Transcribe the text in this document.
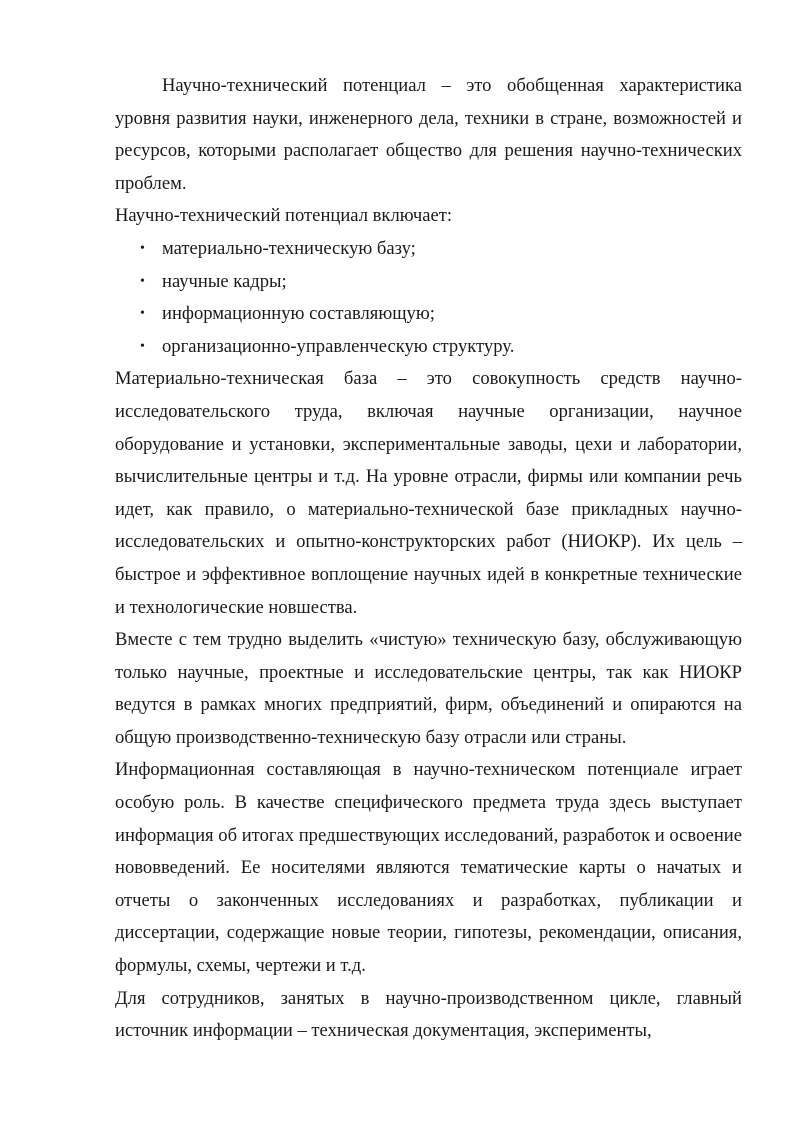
Научно-технический потенциал – это обобщенная характеристика уровня развития науки, инженерного дела, техники в стране, возможностей и ресурсов, которыми располагает общество для решения научно-технических проблем.

Научно-технический потенциал включает:

• материально-техническую базу;
• научные кадры;
• информационную составляющую;
• организационно-управленческую структуру.

Материально-техническая база – это совокупность средств научно-исследовательского труда, включая научные организации, научное оборудование и установки, экспериментальные заводы, цехи и лаборатории, вычислительные центры и т.д. На уровне отрасли, фирмы или компании речь идет, как правило, о материально-технической базе прикладных научно-исследовательских и опытно-конструкторских работ (НИОКР). Их цель – быстрое и эффективное воплощение научных идей в конкретные технические и технологические новшества.

Вместе с тем трудно выделить «чистую» техническую базу, обслуживающую только научные, проектные и исследовательские центры, так как НИОКР ведутся в рамках многих предприятий, фирм, объединений и опираются на общую производственно-техническую базу отрасли или страны.

Информационная составляющая в научно-техническом потенциале играет особую роль. В качестве специфического предмета труда здесь выступает информация об итогах предшествующих исследований, разработок и освоение нововведений. Ее носителями являются тематические карты о начатых и отчеты о законченных исследованиях и разработках, публикации и диссертации, содержащие новые теории, гипотезы, рекомендации, описания, формулы, схемы, чертежи и т.д.

Для сотрудников, занятых в научно-производственном цикле, главный источник информации – техническая документация, эксперименты,
